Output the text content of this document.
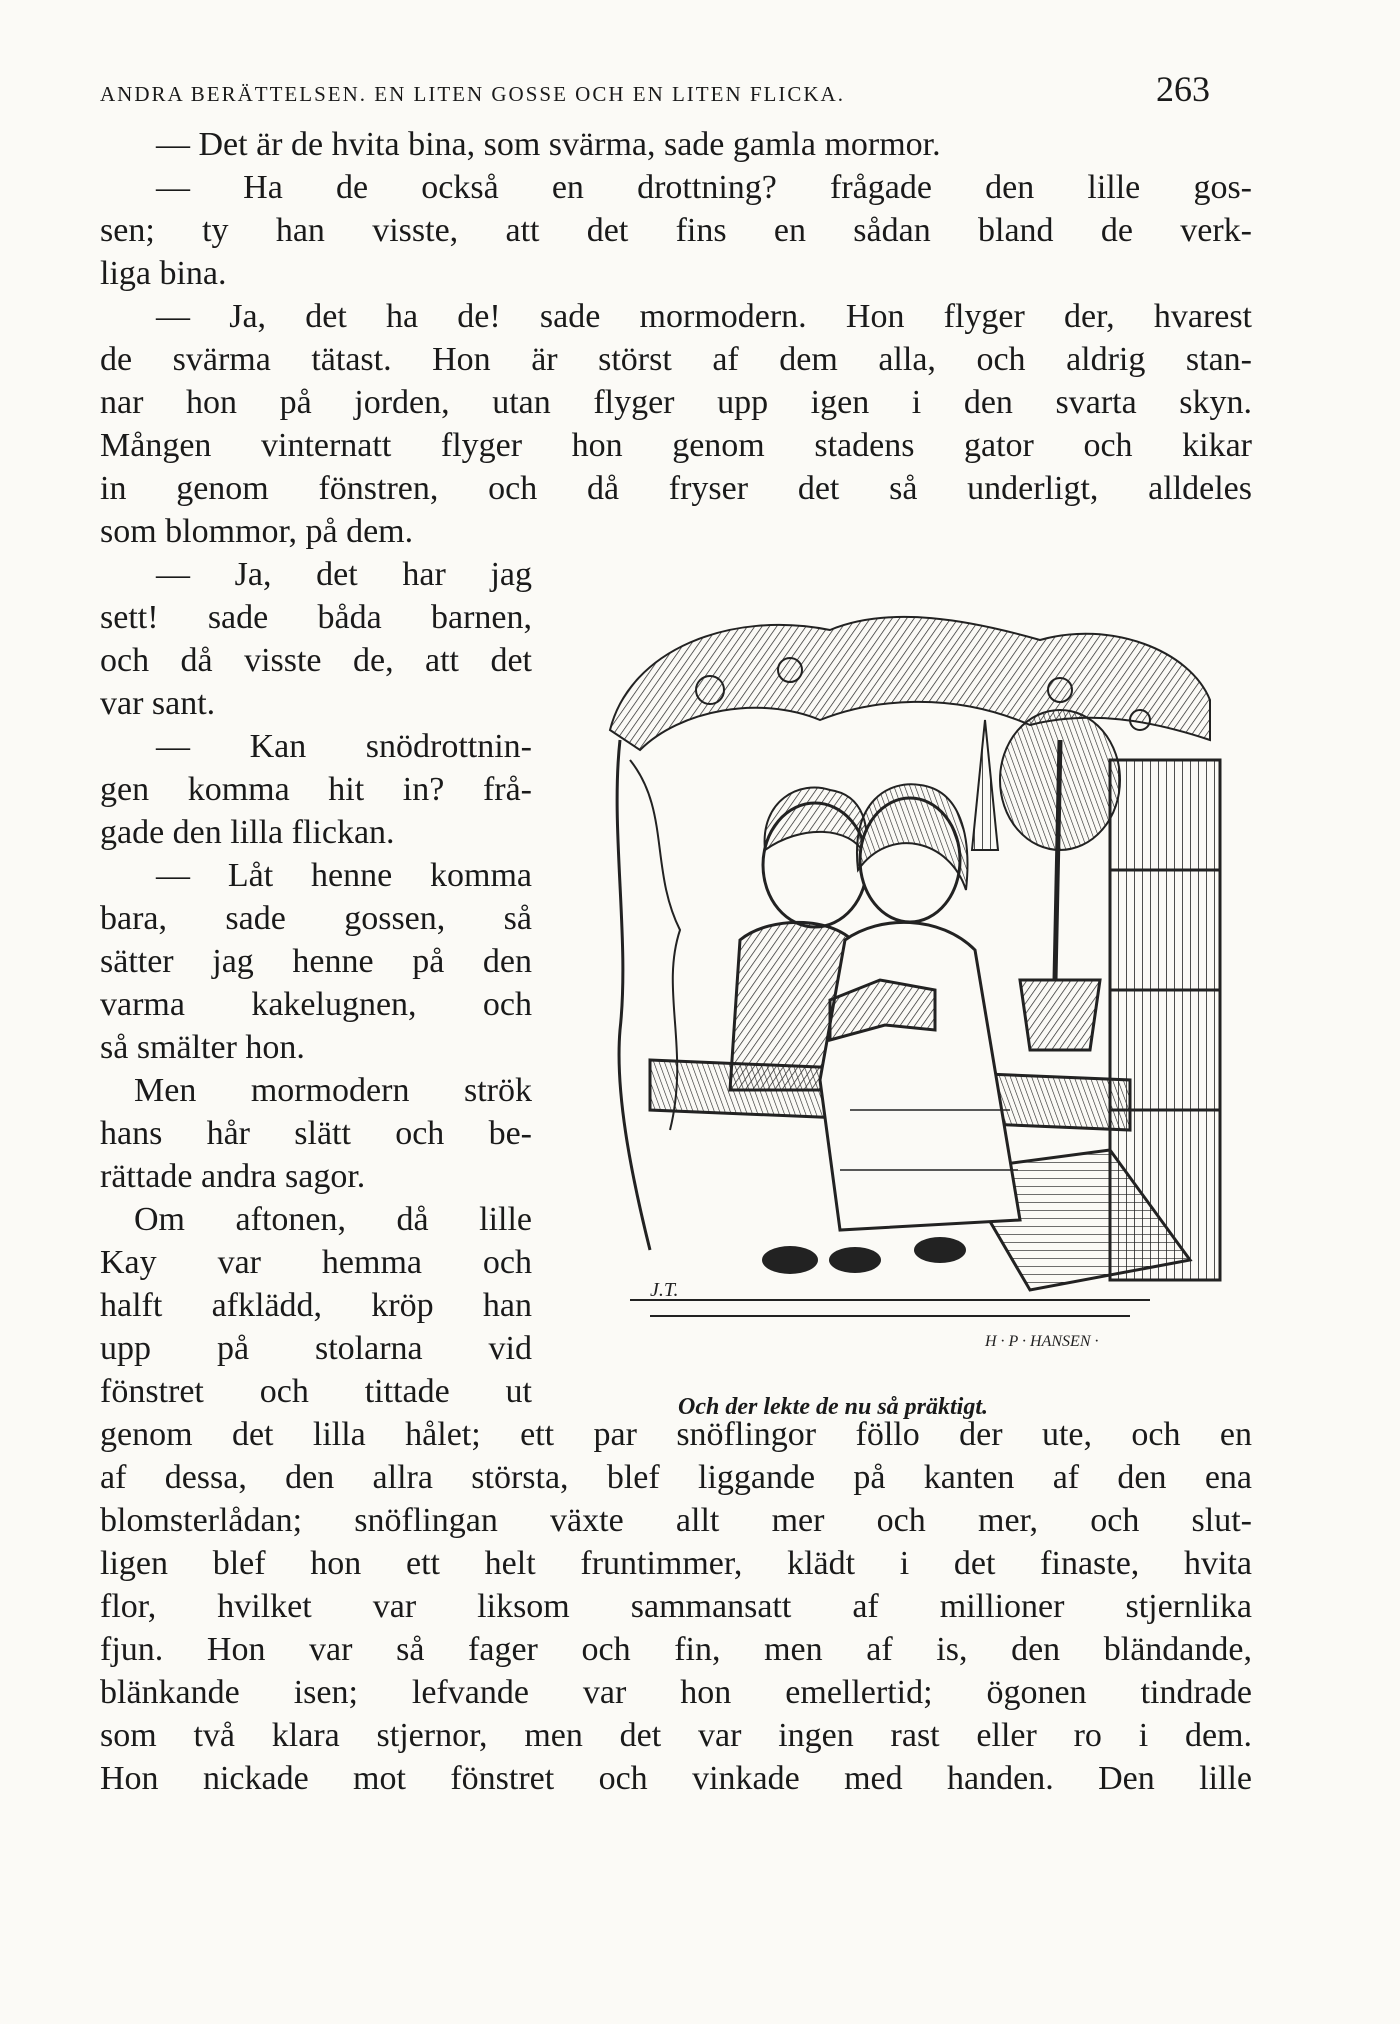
ANDRA BERÄTTELSEN. EN LITEN GOSSE OCH EN LITEN FLICKA.	263
— Det är de hvita bina, som svärma, sade gamla mormor.
— Ha de också en drottning? frågade den lille gos-
sen; ty han visste, att det fins en sådan bland de verk-
liga bina.
— Ja, det ha de! sade mormodern. Hon flyger der, hvarest
de svärma tätast. Hon är störst af dem alla, och aldrig stan-
nar hon på jorden, utan flyger upp igen i den svarta skyn.
Mången vinternatt flyger hon genom stadens gator och kikar
in genom fönstren, och då fryser det så underligt, alldeles
som blommor, på dem.
— Ja, det har jag
sett! sade båda barnen,
och då visste de, att det
var sant.
— Kan snödrottnin-
gen komma hit in? frå-
gade den lilla flickan.
— Låt henne komma
bara, sade gossen, så
sätter jag henne på den
varma kakelugnen, och
så smälter hon.
Men mormodern strök
hans hår slätt och be-
rättade andra sagor.
Om aftonen, då lille
Kay var hemma och
halft afklädd, kröp han
upp på stolarna vid
fönstret och tittade ut
genom det lilla hålet; ett par snöflingor föllo der ute, och en
af dessa, den allra största, blef liggande på kanten af den ena
blomsterlådan; snöflingan växte allt mer och mer, och slut-
ligen blef hon ett helt fruntimmer, klädt i det finaste, hvita
flor, hvilket var liksom sammansatt af millioner stjernlika
fjun. Hon var så fager och fin, men af is, den bländande,
blänkande isen; lefvande var hon emellertid; ögonen tindrade
som två klara stjernor, men det var ingen rast eller ro i dem.
Hon nickade mot fönstret och vinkade med handen. Den lille
J.T.
H · P · HANSEN ·
Och der lekte de nu så präktigt.
